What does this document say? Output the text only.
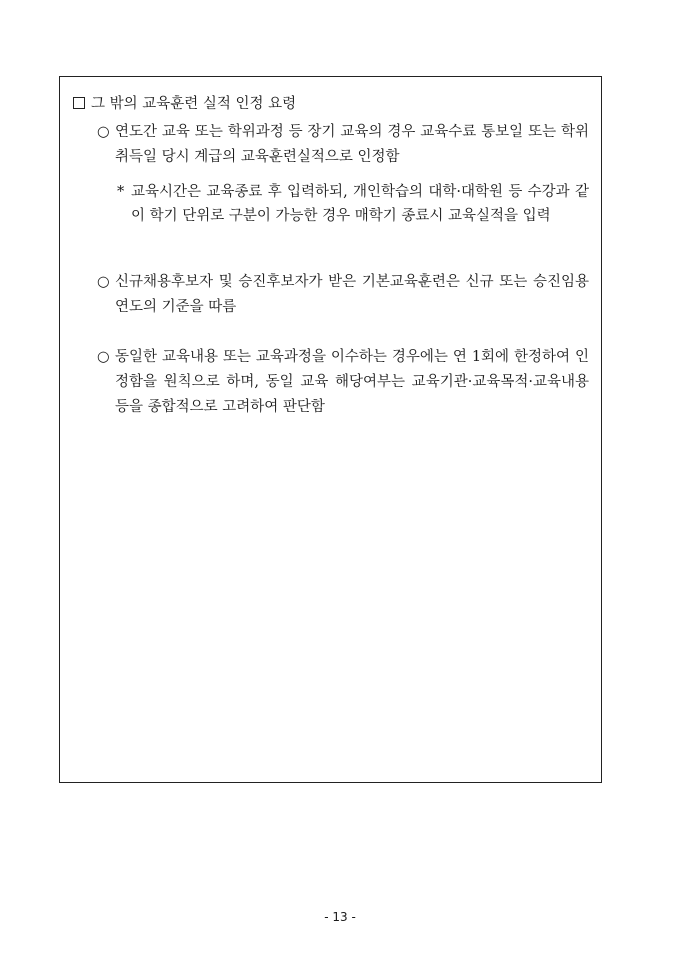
그 밖의 교육훈련 실적 인정 요령
○ 연도간 교육 또는 학위과정 등 장기 교육의 경우 교육수료 통보일 또는 학위취득일 당시 계급의 교육훈련실적으로 인정함
* 교육시간은 교육종료 후 입력하되, 개인학습의 대학·대학원 등 수강과 같이 학기 단위로 구분이 가능한 경우 매학기 종료시 교육실적을 입력
○ 신규채용후보자 및 승진후보자가 받은 기본교육훈련은 신규 또는 승진임용 연도의 기준을 따름
○ 동일한 교육내용 또는 교육과정을 이수하는 경우에는 연 1회에 한정하여 인정함을 원칙으로 하며, 동일 교육 해당여부는 교육기관·교육목적·교육내용 등을 종합적으로 고려하여 판단함
- 13 -
